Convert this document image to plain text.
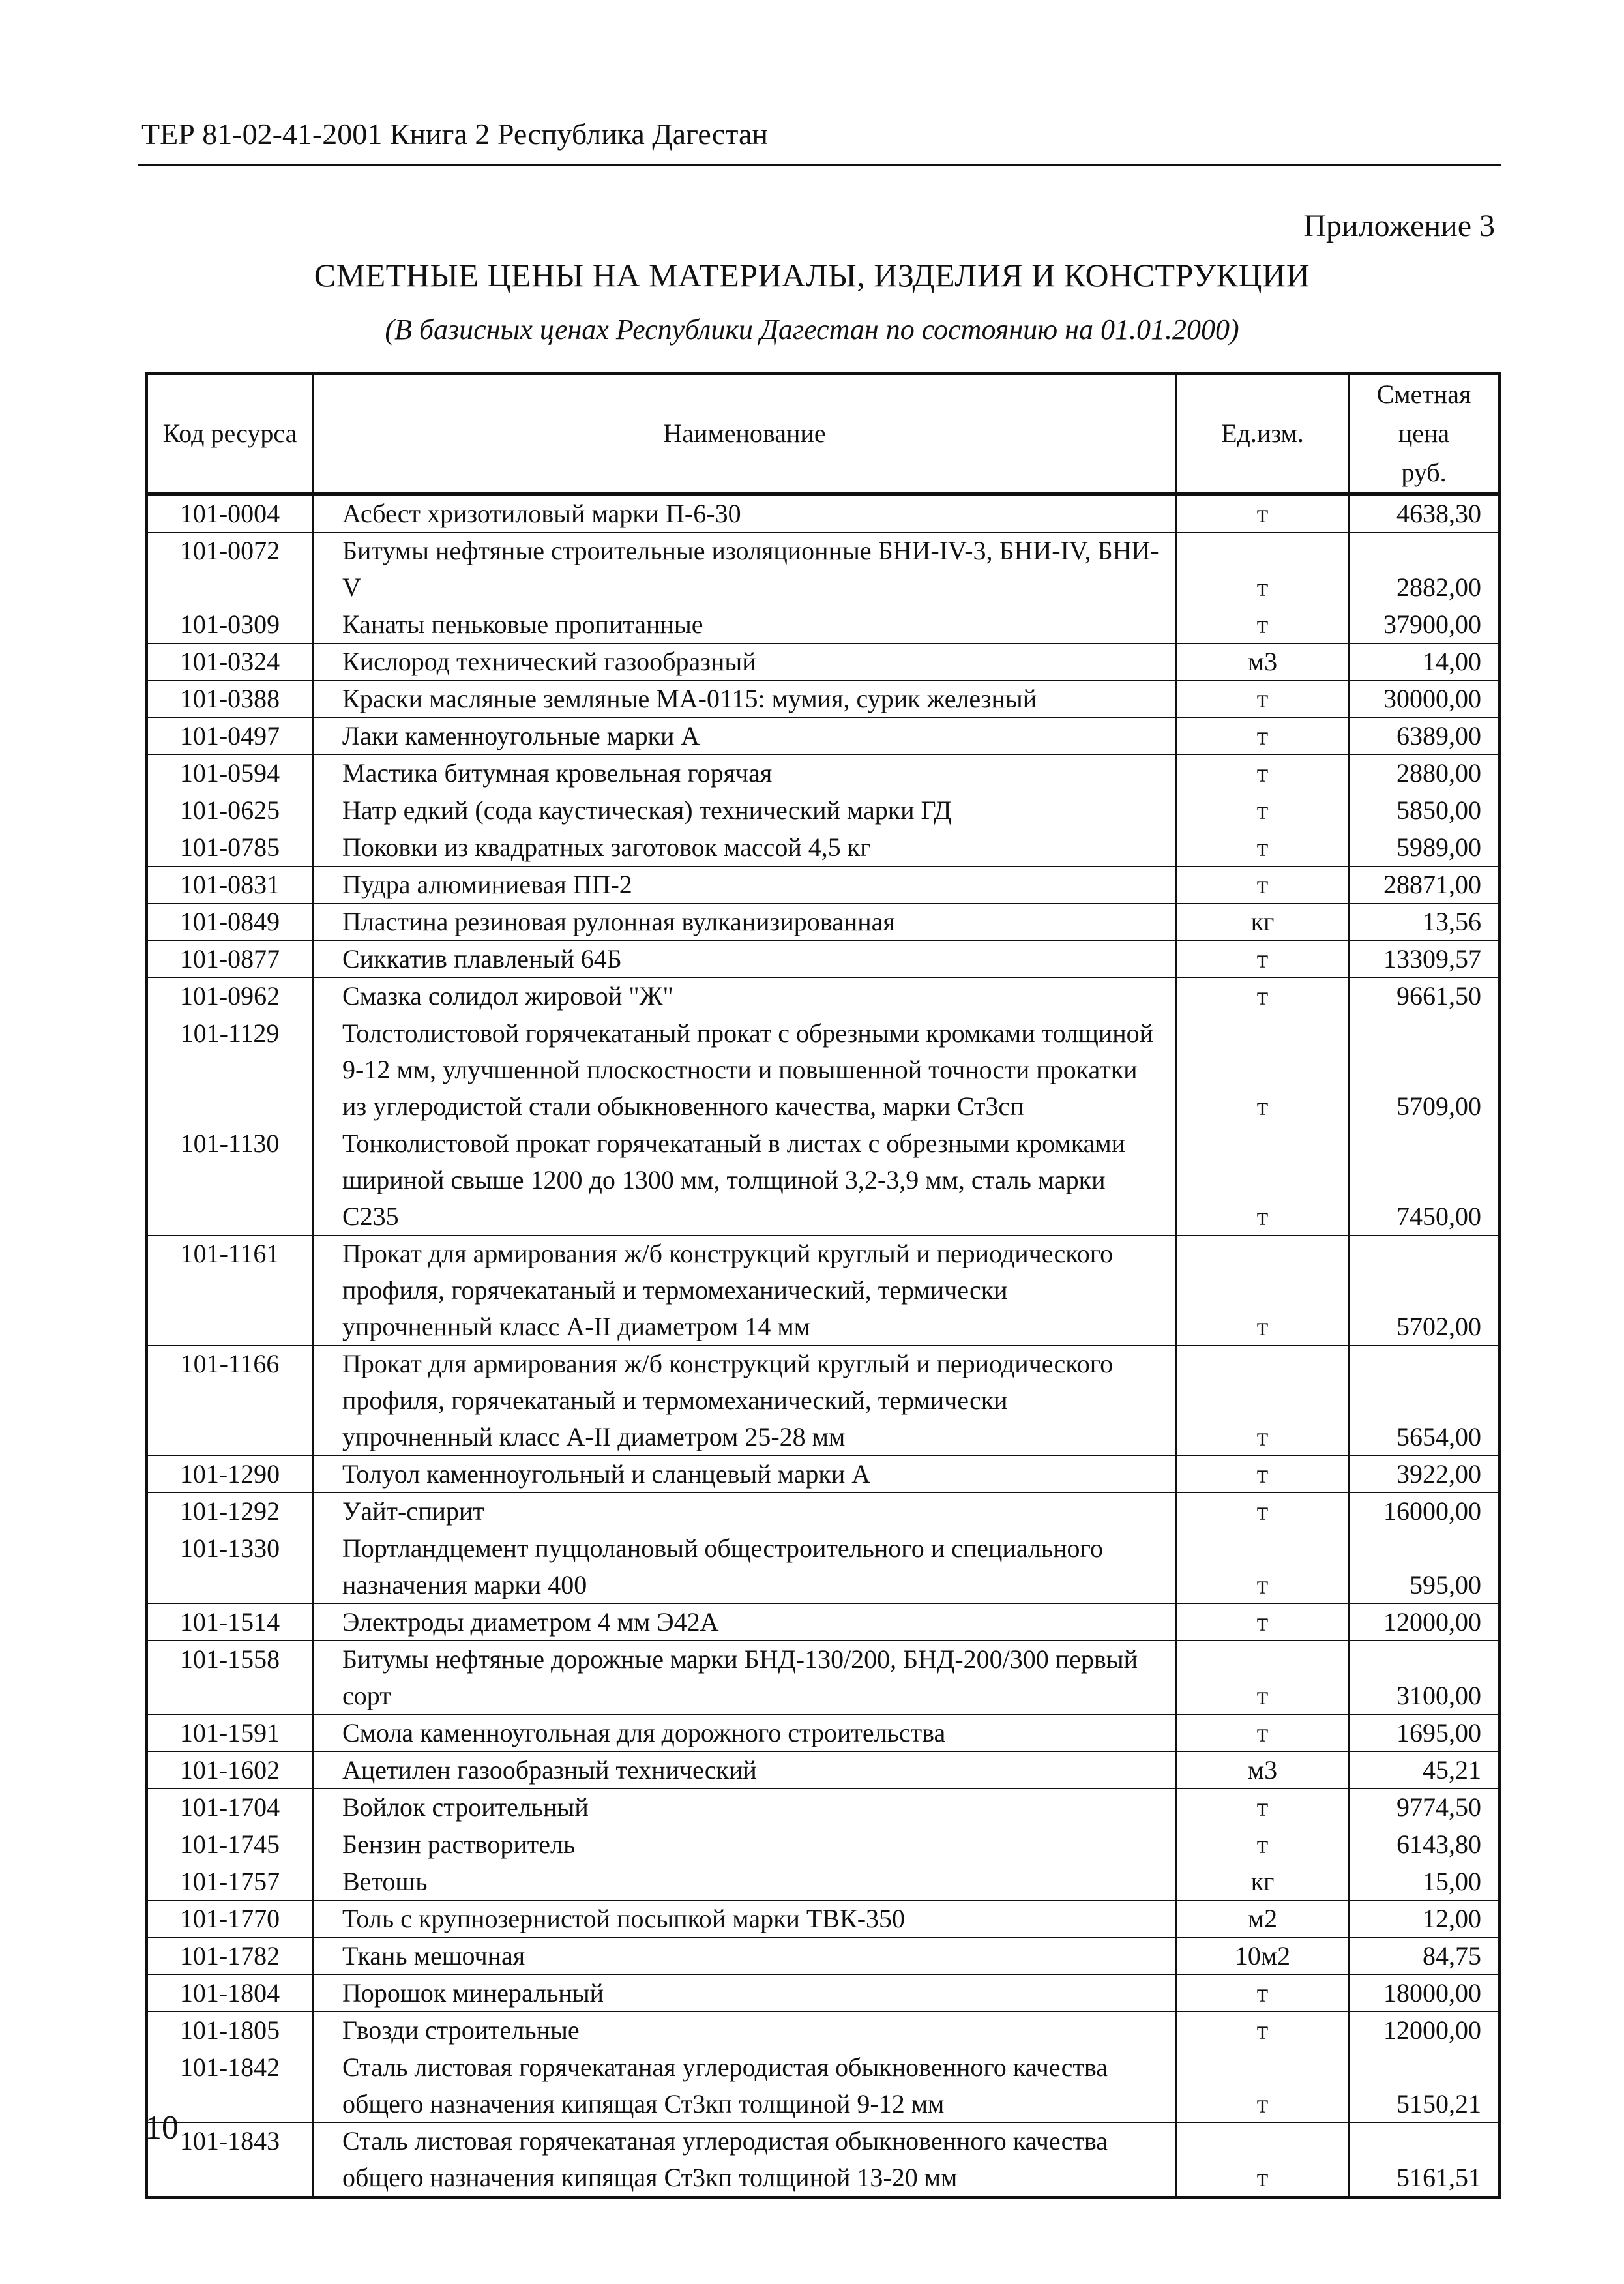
ТЕР 81-02-41-2001 Книга 2 Республика Дагестан
Приложение 3
СМЕТНЫЕ ЦЕНЫ НА МАТЕРИАЛЫ, ИЗДЕЛИЯ И КОНСТРУКЦИИ
(В базисных ценах Республики Дагестан по состоянию на 01.01.2000)
Код ресурса	Наименование	Ед.изм.	Сметная цена
руб.

101-0004	Асбест хризотиловый марки П-6-30	т	4638,30
101-0072	Битумы нефтяные строительные изоляционные БНИ-IV-3, БНИ-IV, БНИ-V	т	2882,00
101-0309	Канаты пеньковые пропитанные	т	37900,00
101-0324	Кислород технический газообразный	м3	14,00
101-0388	Краски масляные земляные МА-0115: мумия, сурик железный	т	30000,00
101-0497	Лаки каменноугольные марки А	т	6389,00
101-0594	Мастика битумная кровельная горячая	т	2880,00
101-0625	Натр едкий (сода каустическая) технический марки ГД	т	5850,00
101-0785	Поковки из квадратных заготовок массой 4,5 кг	т	5989,00
101-0831	Пудра алюминиевая ПП-2	т	28871,00
101-0849	Пластина резиновая рулонная вулканизированная	кг	13,56
101-0877	Сиккатив плавленый 64Б	т	13309,57
101-0962	Смазка солидол жировой "Ж"	т	9661,50
101-1129	Толстолистовой горячекатаный прокат с обрезными кромками толщиной 9-12 мм, улучшенной плоскостности и повышенной точности прокатки из углеродистой стали обыкновенного качества, марки Ст3сп	т	5709,00
101-1130	Тонколистовой прокат горячекатаный в листах с обрезными кромками шириной свыше 1200 до 1300 мм, толщиной 3,2-3,9 мм, сталь марки С235	т	7450,00
101-1161	Прокат для армирования ж/б конструкций круглый и периодического профиля, горячекатаный и термомеханический, термически упрочненный класс А-II диаметром 14 мм	т	5702,00
101-1166	Прокат для армирования ж/б конструкций круглый и периодического профиля, горячекатаный и термомеханический, термически упрочненный класс А-II диаметром 25-28 мм	т	5654,00
101-1290	Толуол каменноугольный и сланцевый марки А	т	3922,00
101-1292	Уайт-спирит	т	16000,00
101-1330	Портландцемент пуццолановый общестроительного и специального назначения марки 400	т	595,00
101-1514	Электроды диаметром 4 мм Э42А	т	12000,00
101-1558	Битумы нефтяные дорожные марки БНД-130/200, БНД-200/300 первый сорт	т	3100,00
101-1591	Смола каменноугольная для дорожного строительства	т	1695,00
101-1602	Ацетилен газообразный технический	м3	45,21
101-1704	Войлок строительный	т	9774,50
101-1745	Бензин растворитель	т	6143,80
101-1757	Ветошь	кг	15,00
101-1770	Толь с крупнозернистой посыпкой марки ТВК-350	м2	12,00
101-1782	Ткань мешочная	10м2	84,75
101-1804	Порошок минеральный	т	18000,00
101-1805	Гвозди строительные	т	12000,00
101-1842	Сталь листовая горячекатаная углеродистая обыкновенного качества общего назначения кипящая Ст3кп толщиной 9-12 мм	т	5150,21
101-1843	Сталь листовая горячекатаная углеродистая обыкновенного качества общего назначения кипящая Ст3кп толщиной 13-20 мм	т	5161,51
10
